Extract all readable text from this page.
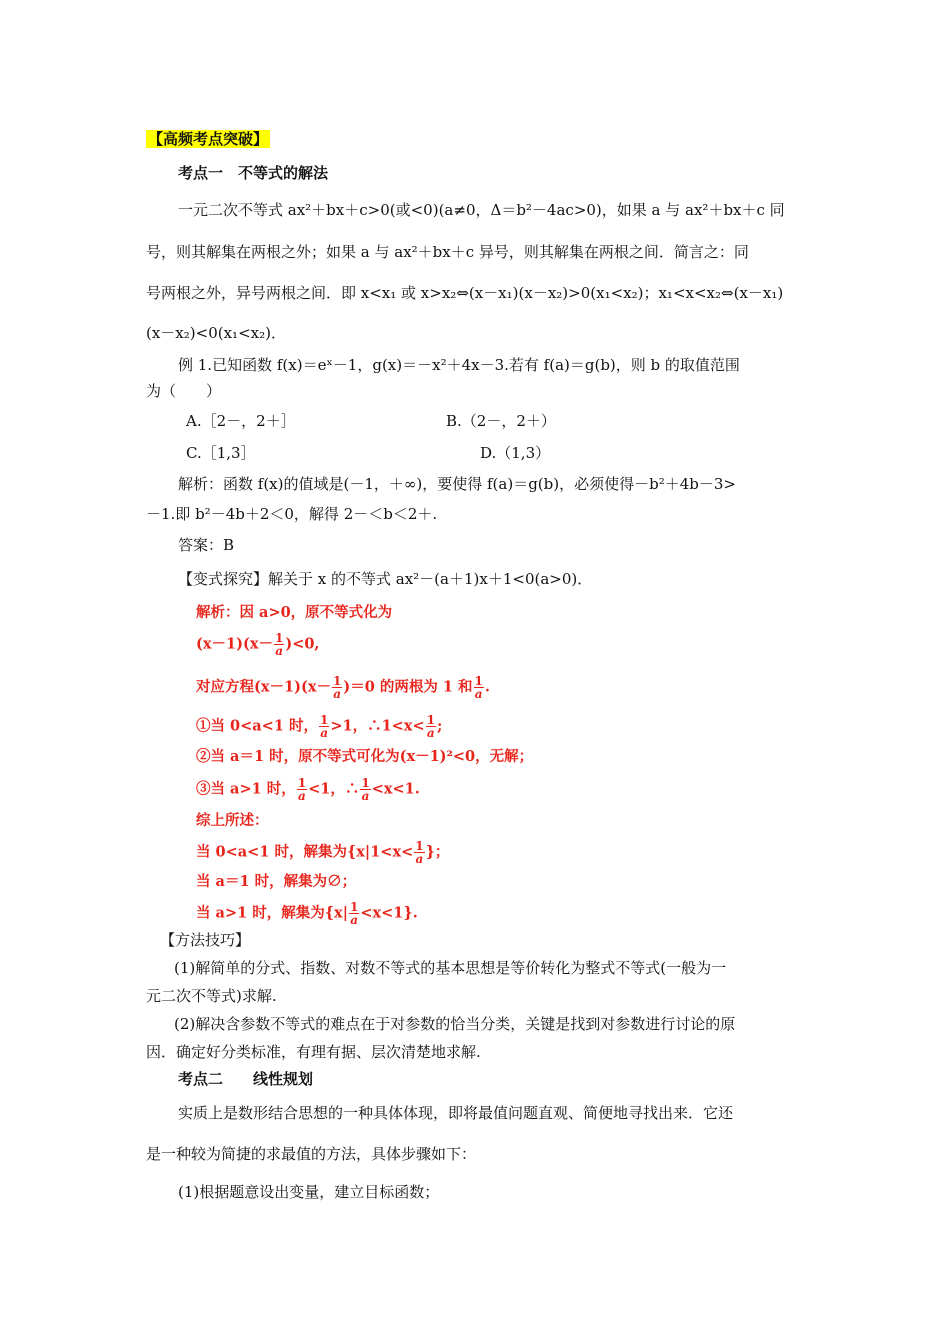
【高频考点突破】
考点一　不等式的解法
一元二次不等式 ax²＋bx＋c>0(或<0)(a≠0，Δ＝b²－4ac>0)，如果 a 与 ax²＋bx＋c 同
号，则其解集在两根之外；如果 a 与 ax²＋bx＋c 异号，则其解集在两根之间．简言之：同
号两根之外，异号两根之间．即 x<x₁ 或 x>x₂⇔(x－x₁)(x－x₂)>0(x₁<x₂)；x₁<x<x₂⇔(x－x₁)
(x－x₂)<0(x₁<x₂)．
例 1.已知函数 f(x)＝eˣ－1，g(x)＝－x²＋4x－3.若有 f(a)＝g(b)，则 b 的取值范围
为（　　）
A.［2－，2＋］	B.（2－，2＋）
C.［1,3］	D.（1,3）
解析：函数 f(x)的值域是(－1，＋∞)，要使得 f(a)＝g(b)，必须使得－b²＋4b－3>
－1.即 b²－4b＋2＜0，解得 2－＜b＜2＋.
答案：B
【变式探究】解关于 x 的不等式 ax²－(a＋1)x＋1<0(a>0)．
解析：因 a>0，原不等式化为
$(x-1)(x- \frac{1}{a} )<0$,
对应方程$(x-1)(x- \frac{1}{a} )=0$ 的两根为 1 和 $\frac{1}{a}$ .
①当 0<a<1 时， $\frac{1}{a} >1$，∴1<x< $\frac{1}{a}$ ;
②当 a＝1 时，原不等式可化为(x－1)²<0，无解；
③当 a>1 时， $\frac{1}{a} <1$，∴ $\frac{1}{a} <x<1$.
综上所述：
当 0<a<1 时，解集为{$x|1<x< \frac{1}{a}$ }；
当 a＝1 时，解集为∅；
当 a>1 时，解集为$\{x| \frac{1}{a} <x<1\}$.
【方法技巧】
(1)解简单的分式、指数、对数不等式的基本思想是等价转化为整式不等式(一般为一
元二次不等式)求解.
(2)解决含参数不等式的难点在于对参数的恰当分类，关键是找到对参数进行讨论的原
因．确定好分类标准，有理有据、层次清楚地求解.
考点二　　线性规划
实质上是数形结合思想的一种具体体现，即将最值问题直观、简便地寻找出来．它还
是一种较为简捷的求最值的方法，具体步骤如下：
(1)根据题意设出变量，建立目标函数；
